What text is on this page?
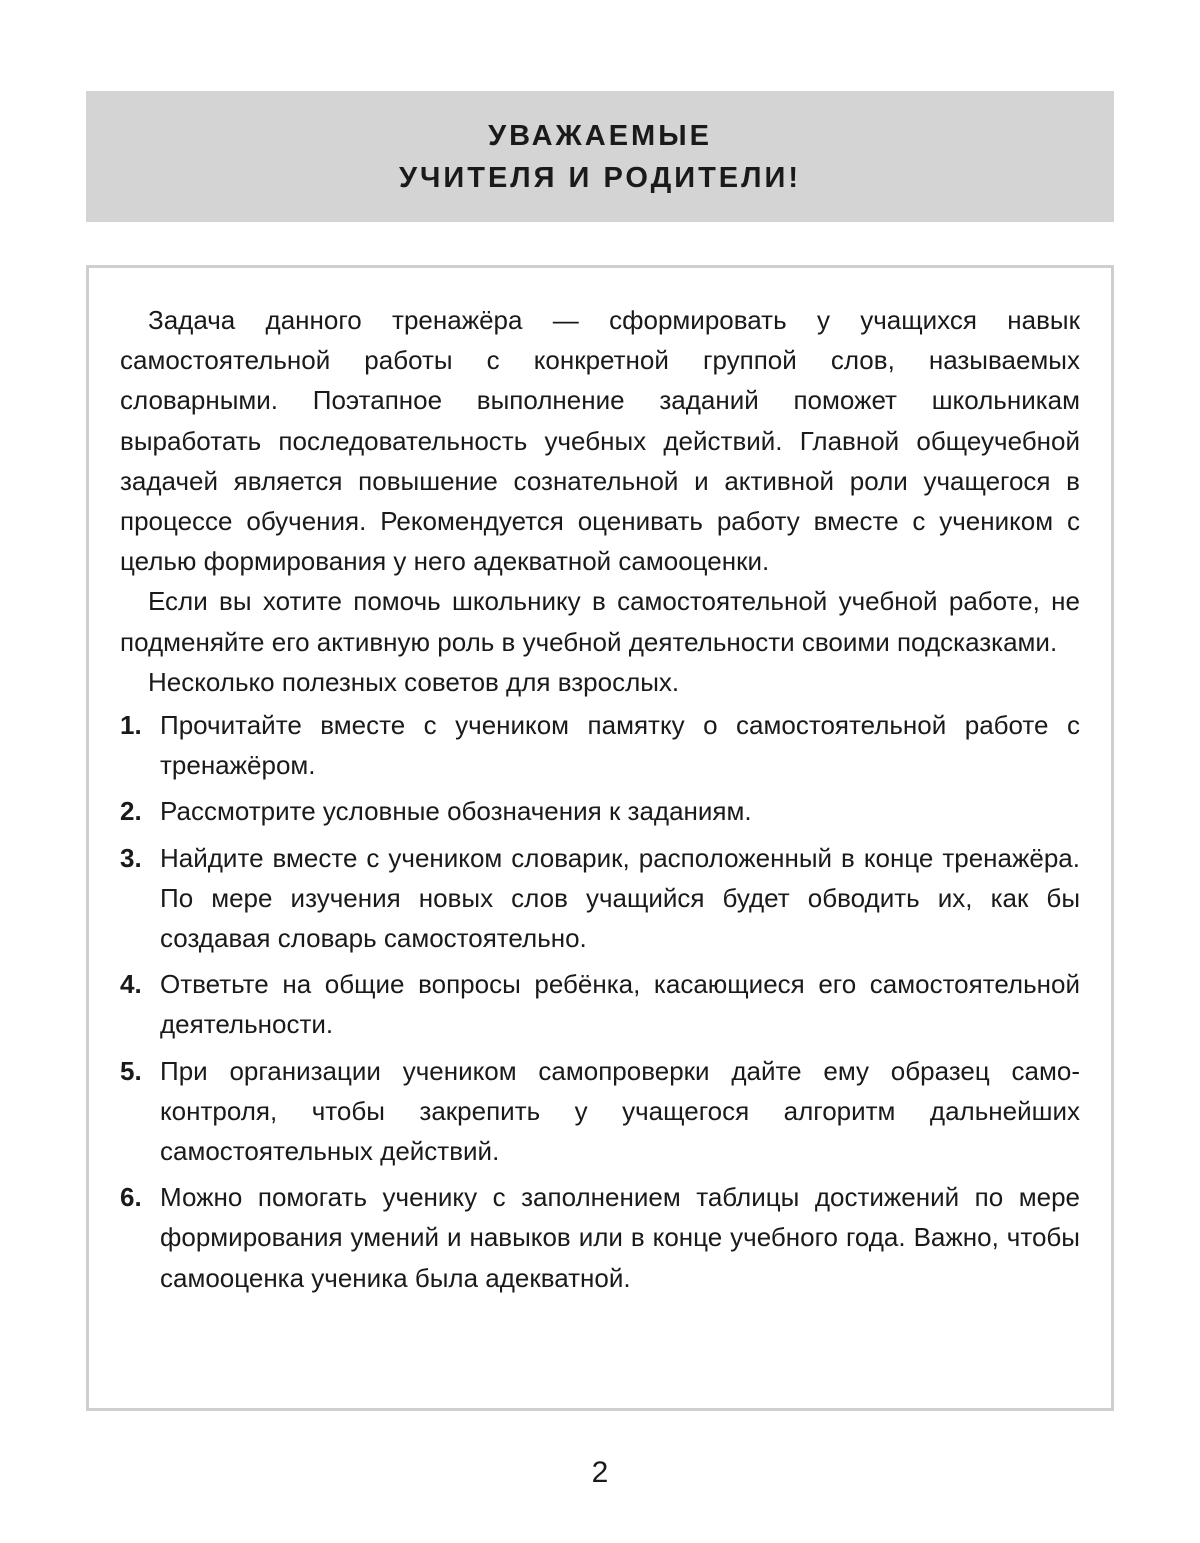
УВАЖАЕМЫЕ
УЧИТЕЛЯ И РОДИТЕЛИ!

Задача данного тренажёра — сформировать у учащихся навык самостоятельной работы с конкретной группой слов, называемых словарными. Поэтапное выполнение заданий поможет школьникам выработать последовательность учебных действий. Главной общеучебной задачей является повышение сознательной и активной роли учащегося в процессе обучения. Рекомендуется оценивать работу вместе с учеником с целью формирования у него адекватной самооценки.

Если вы хотите помочь школьнику в самостоятельной учебной работе, не подменяйте его активную роль в учебной деятельности своими подсказками.

Несколько полезных советов для взрослых.

1. Прочитайте вместе с учеником памятку о самостоятельной работе с тренажёром.
2. Рассмотрите условные обозначения к заданиям.
3. Найдите вместе с учеником словарик, расположенный в конце тренажёра. По мере изучения новых слов учащийся будет обводить их, как бы создавая словарь самостоятельно.
4. Ответьте на общие вопросы ребёнка, касающиеся его самостоятельной деятельности.
5. При организации учеником самопроверки дайте ему образец самоконтроля, чтобы закрепить у учащегося алгоритм дальнейших самостоятельных действий.
6. Можно помогать ученику с заполнением таблицы достижений по мере формирования умений и навыков или в конце учебного года. Важно, чтобы самооценка ученика была адекватной.
2
